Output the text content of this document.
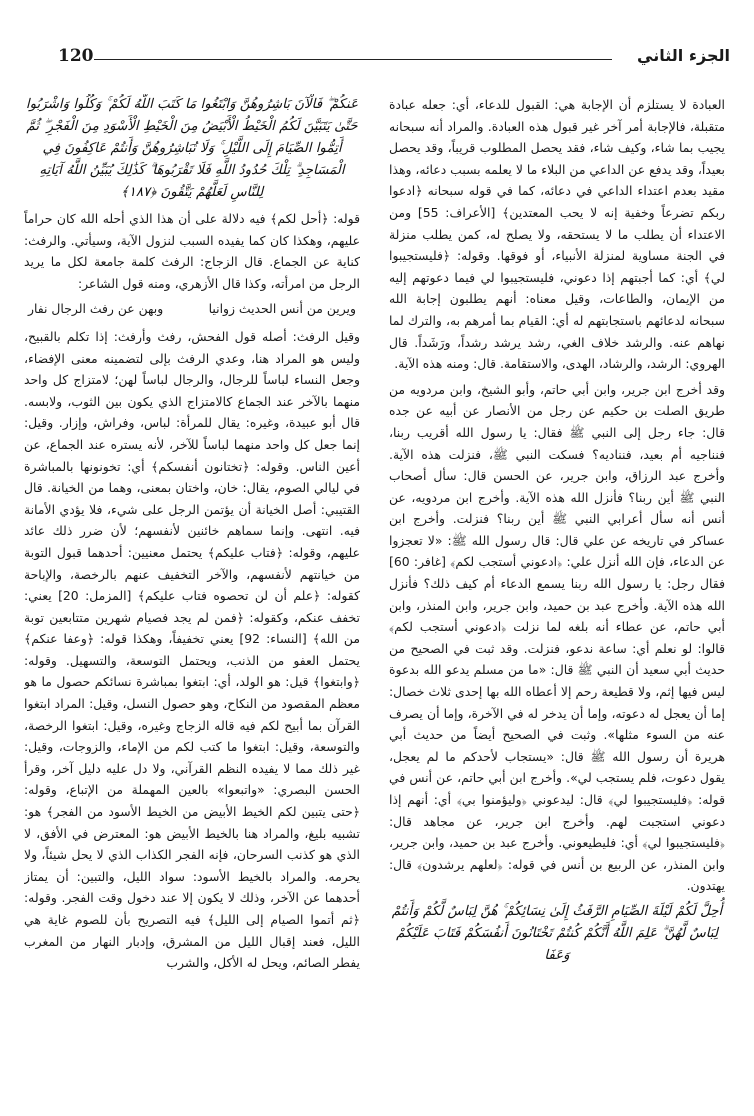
120	الجزء الثاني

العبادة لا يستلزم أن الإجابة هي: القبول للدعاء، أي: جعله عبادة متقبلة، فالإجابة أمر آخر غير قبول هذه العبادة. والمراد أنه سبحانه يجيب بما شاء، وكيف شاء، فقد يحصل المطلوب قريباً، وقد يحصل بعيداً، وقد يدفع عن الداعي من البلاء ما لا يعلمه بسبب دعائه، وهذا مقيد بعدم اعتداء الداعي في دعائه، كما في قوله سبحانه ﴿ادعوا ربكم تضرعاً وخفية إنه لا يحب المعتدين﴾ [الأعراف: 55] ومن الاعتداء أن يطلب ما لا يستحقه، ولا يصلح له، كمن يطلب منزلة في الجنة مساوية لمنزلة الأنبياء، أو فوقها. وقوله: ﴿فليستجيبوا لي﴾ أي: كما أجبتهم إذا دعوني، فليستجيبوا لي فيما دعوتهم إليه من الإيمان، والطاعات، وقيل معناه: أنهم يطلبون إجابة الله سبحانه لدعائهم باستجابتهم له أي: القيام بما أمرهم به، والترك لما نهاهم عنه. والرشد خلاف الغي، رشد يرشد رشداً، ورَشَداً. قال الهروي: الرشد، والرشاد، الهدى، والاستقامة. قال: ومنه هذه الآية.

وقد أخرج ابن جرير، وابن أبي حاتم، وأبو الشيخ، وابن مردويه من طريق الصلت بن حكيم عن رجل من الأنصار عن أبيه عن جده قال: جاء رجل إلى النبي ﷺ فقال: يا رسول الله أقريب ربنا، فنناجيه أم بعيد، فنناديه؟ فسكت النبي ﷺ، فنزلت هذه الآية. وأخرج عبد الرزاق، وابن جرير، عن الحسن قال: سأل أصحاب النبي ﷺ أين ربنا؟ فأنزل الله هذه الآية. وأخرج ابن مردويه، عن أنس أنه سأل أعرابي النبي ﷺ أين ربنا؟ فنزلت. وأخرج ابن عساكر في تاريخه عن علي قال: قال رسول الله ﷺ: «لا تعجزوا عن الدعاء، فإن الله أنزل علي: ﴿ادعوني أستجب لكم﴾ [غافر: 60] فقال رجل: يا رسول الله ربنا يسمع الدعاء أم كيف ذلك؟ فأنزل الله هذه الآية. وأخرج عبد بن حميد، وابن جرير، وابن المنذر، وابن أبي حاتم، عن عطاء أنه بلغه لما نزلت ﴿ادعوني أستجب لكم﴾ قالوا: لو نعلم أي: ساعة ندعو، فنزلت. وقد ثبت في الصحيح من حديث أبي سعيد أن النبي ﷺ قال: «ما من مسلم يدعو الله بدعوة ليس فيها إثم، ولا قطيعة رحم إلا أعطاه الله بها إحدى ثلاث خصال: إما أن يعجل له دعوته، وإما أن يدخر له في الآخرة، وإما أن يصرف عنه من السوء مثلها». وثبت في الصحيح أيضاً من حديث أبي هريرة أن رسول الله ﷺ قال: «يستجاب لأحدكم ما لم يعجل، يقول دعوت، فلم يستجب لي». وأخرج ابن أبي حاتم، عن أنس في قوله: ﴿فليستجيبوا لي﴾ قال: ليدعوني ﴿وليؤمنوا بي﴾ أي: أنهم إذا دعوني استجبت لهم. وأخرج ابن جرير، عن مجاهد قال: ﴿فليستجيبوا لي﴾ أي: فليطيعوني. وأخرج عبد بن حميد، وابن جرير، وابن المنذر، عن الربيع بن أنس في قوله: ﴿لعلهم يرشدون﴾ قال: يهتدون.

أُحِلَّ لَكُمْ لَيْلَةَ الصِّيَامِ الرَّفَثُ إِلَىٰ نِسَائِكُمْ ۚ هُنَّ لِبَاسٌ لَّكُمْ وَأَنتُمْ لِبَاسٌ لَّهُنَّ ۗ عَلِمَ اللَّهُ أَنَّكُمْ كُنتُمْ تَخْتَانُونَ أَنفُسَكُمْ فَتَابَ عَلَيْكُمْ وَعَفَا

عَنكُمْ ۖ فَالْآنَ بَاشِرُوهُنَّ وَابْتَغُوا مَا كَتَبَ اللَّهُ لَكُمْ ۚ وَكُلُوا وَاشْرَبُوا حَتَّىٰ يَتَبَيَّنَ لَكُمُ الْخَيْطُ الْأَبْيَضُ مِنَ الْخَيْطِ الْأَسْوَدِ مِنَ الْفَجْرِ ۖ ثُمَّ أَتِمُّوا الصِّيَامَ إِلَى اللَّيْلِ ۚ وَلَا تُبَاشِرُوهُنَّ وَأَنتُمْ عَاكِفُونَ فِي الْمَسَاجِدِ ۗ تِلْكَ حُدُودُ اللَّهِ فَلَا تَقْرَبُوهَا ۗ كَذَٰلِكَ يُبَيِّنُ اللَّهُ آيَاتِهِ لِلنَّاسِ لَعَلَّهُمْ يَتَّقُونَ ﴿١٨٧﴾

قوله: ﴿أحل لكم﴾ فيه دلالة على أن هذا الذي أحله الله كان حراماً عليهم، وهكذا كان كما يفيده السبب لنزول الآية، وسيأتي. والرفث: كناية عن الجماع. قال الزجاج: الرفث كلمة جامعة لكل ما يريد الرجل من امرأته، وكذا قال الأزهري، ومنه قول الشاعر:

ويرين من أنس الحديث زوانيا
وبهن عن رفث الرجال نفار

وقيل الرفث: أصله قول الفحش، رفث وأرفث: إذا تكلم بالقبيح، وليس هو المراد هنا، وعدي الرفث بإلى لتضمينه معنى الإفضاء، وجعل النساء لباساً للرجال، والرجال لباساً لهن؛ لامتزاج كل واحد منهما بالآخر عند الجماع كالامتزاج الذي يكون بين الثوب، ولابسه. قال أبو عبيدة، وغيره: يقال للمرأة: لباس، وفراش، وإزار. وقيل: إنما جعل كل واحد منهما لباساً للآخر، لأنه يستره عند الجماع، عن أعين الناس. وقوله: ﴿تختانون أنفسكم﴾ أي: تخونونها بالمباشرة في ليالي الصوم، يقال: خان، واختان بمعنى، وهما من الخيانة. قال القتيبي: أصل الخيانة أن يؤتمن الرجل على شيء، فلا يؤدي الأمانة فيه. انتهى. وإنما سماهم خائنين لأنفسهم؛ لأن ضرر ذلك عائد عليهم، وقوله: ﴿فتاب عليكم﴾ يحتمل معنيين: أحدهما قبول التوبة من خيانتهم لأنفسهم، والآخر التخفيف عنهم بالرخصة، والإباحة كقوله: ﴿علم أن لن تحصوه فتاب عليكم﴾ [المزمل: 20] يعني: تخفف عنكم، وكقوله: ﴿فمن لم يجد فصيام شهرين متتابعين توبة من الله﴾ [النساء: 92] يعني تخفيفاً، وهكذا قوله: ﴿وعفا عنكم﴾ يحتمل العفو من الذنب، ويحتمل التوسعة، والتسهيل. وقوله: ﴿وابتغوا﴾ قيل: هو الولد، أي: ابتغوا بمباشرة نسائكم حصول ما هو معظم المقصود من النكاح، وهو حصول النسل، وقيل: المراد ابتغوا القرآن بما أبيح لكم فيه قاله الزجاج وغيره، وقيل: ابتغوا الرخصة، والتوسعة، وقيل: ابتغوا ما كتب لكم من الإماء، والزوجات، وقيل: غير ذلك مما لا يفيده النظم القرآني، ولا دل عليه دليل آخر، وقرأ الحسن البصري: «واتبعوا» بالعين المهملة من الإتباع، وقوله: ﴿حتى يتبين لكم الخيط الأبيض من الخيط الأسود من الفجر﴾ هو: تشبيه بليغ، والمراد هنا بالخيط الأبيض هو: المعترض في الأفق، لا الذي هو كذنب السرحان، فإنه الفجر الكذاب الذي لا يحل شيئاً، ولا يحرمه. والمراد بالخيط الأسود: سواد الليل، والتبين: أن يمتاز أحدهما عن الآخر، وذلك لا يكون إلا عند دخول وقت الفجر. وقوله: ﴿ثم أتموا الصيام إلى الليل﴾ فيه التصريح بأن للصوم غاية هي الليل، فعند إقبال الليل من المشرق، وإدبار النهار من المغرب يفطر الصائم، ويحل له الأكل، والشرب
